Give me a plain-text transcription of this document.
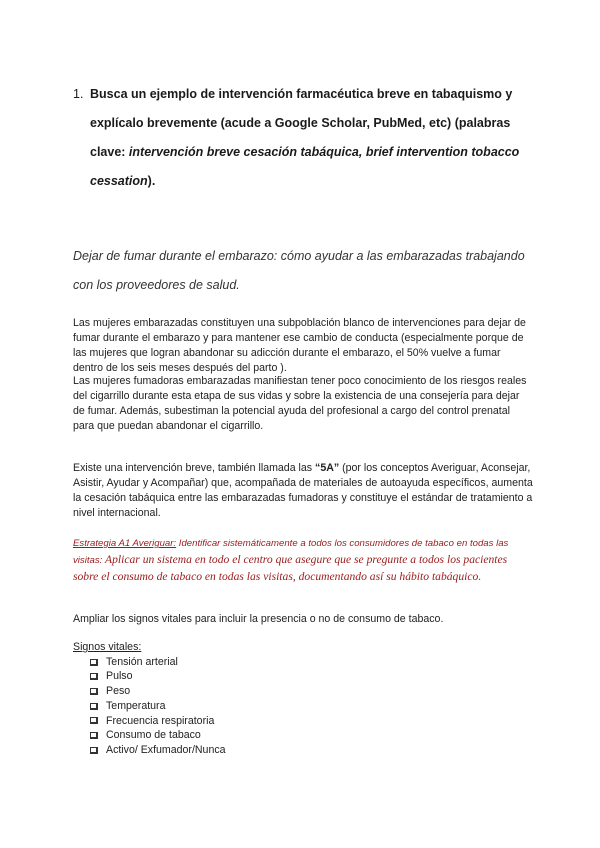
1. Busca un ejemplo de intervención farmacéutica breve en tabaquismo y explícalo brevemente (acude a Google Scholar, PubMed, etc) (palabras clave: intervención breve cesación tabáquica, brief intervention tobacco cessation).
Dejar de fumar durante el embarazo: cómo ayudar a las embarazadas trabajando con los proveedores de salud.
Las mujeres embarazadas constituyen una subpoblación blanco de intervenciones para dejar de fumar durante el embarazo y para mantener ese cambio de conducta (especialmente porque de las mujeres que logran abandonar su adicción durante el embarazo, el 50% vuelve a fumar dentro de los seis meses después del parto ).
Las mujeres fumadoras embarazadas manifiestan tener poco conocimiento de los riesgos reales del cigarrillo durante esta etapa de sus vidas y sobre la existencia de una consejería para dejar de fumar. Además, subestiman la potencial ayuda del profesional a cargo del control prenatal para que puedan abandonar el cigarrillo.
Existe una intervención breve, también llamada las “5A” (por los conceptos Averiguar, Aconsejar, Asistir, Ayudar y Acompañar) que, acompañada de materiales de autoayuda específicos, aumenta la cesación tabáquica entre las embarazadas fumadoras y constituye el estándar de tratamiento a nivel internacional.
Estrategia A1 Averiguar: Identificar sistemáticamente a todos los consumidores de tabaco en todas las visitas: Aplicar un sistema en todo el centro que asegure que se pregunte a todos los pacientes sobre el consumo de tabaco en todas las visitas, documentando así su hábito tabáquico.
Ampliar los signos vitales para incluir la presencia o no de consumo de tabaco.
Signos vitales:
Tensión arterial
Pulso
Peso
Temperatura
Frecuencia respiratoria
Consumo de tabaco
Activo/ Exfumador/Nunca
